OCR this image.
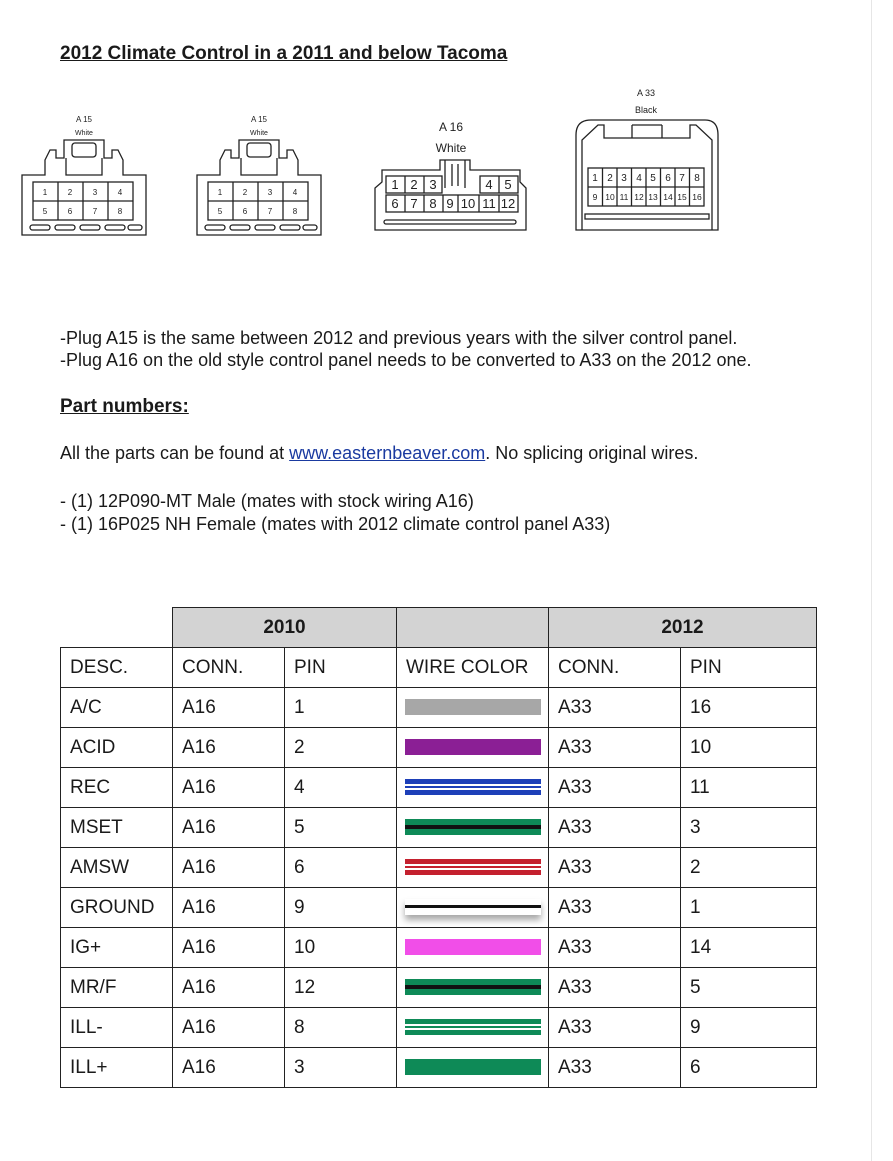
2012 Climate Control in a 2011 and below Tacoma
A 15
White
1	2	3	4
5	6	7	8
A 15
White
1	2	3	4
5	6	7	8
A 16
White
1 2 3	4 5
6 7 8 9 10 11 12
A 33
Black
1 2 3 4 5 6 7 8
9 10 11 12 13 14 15 16
-Plug A15 is the same between 2012 and previous years with the silver control panel.
-Plug A16 on the old style control panel needs to be converted to A33 on the 2012 one.
Part numbers:
All the parts can be found at www.easternbeaver.com. No splicing original wires.
- (1) 12P090-MT Male (mates with stock wiring A16)
- (1) 16P025 NH Female (mates with 2012 climate control panel A33)
	2010			2012	
DESC.	CONN.	PIN	WIRE COLOR	CONN.	PIN
A/C	A16	1		A33	16
ACID	A16	2		A33	10
REC	A16	4		A33	11
MSET	A16	5		A33	3
AMSW	A16	6		A33	2
GROUND	A16	9		A33	1
IG+	A16	10		A33	14
MR/F	A16	12		A33	5
ILL-	A16	8		A33	9
ILL+	A16	3		A33	6
